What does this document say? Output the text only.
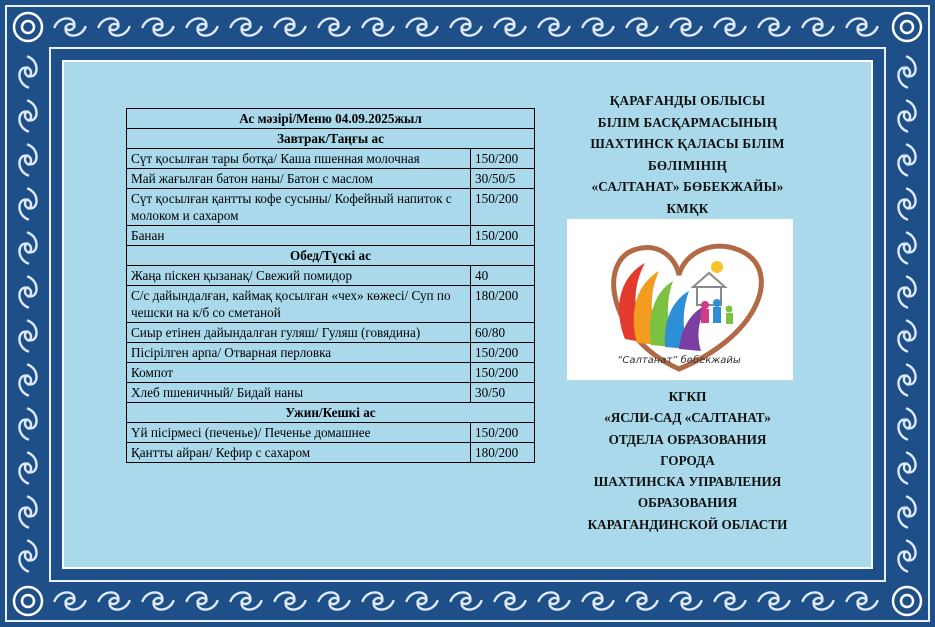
Ас мәзірі/Меню 04.09.2025жыл	
Завтрак/Таңғы ас	
Сүт қосылған тары ботқа/ Каша пшенная молочная	150/200
Май жағылған батон наны/ Батон с маслом	30/50/5
Сүт қосылған қантты кофе сусыны/ Кофейный напиток с молоком и сахаром	150/200
Банан	150/200
Обед/Түскі ас	
Жаңа піскен қызанақ/ Свежий помидор	40
С/с дайындалған, каймақ қосылған «чех» көжесі/ Суп по чешски на к/б со сметаной	180/200
Сиыр етінен дайындалған гуляш/ Гуляш (говядина)	60/80
Пісірілген арпа/ Отварная перловка	150/200
Компот	150/200
Хлеб пшеничный/ Бидай наны	30/50
Ужин/Кешкі ас	
Үй пісірмесі (печенье)/ Печенье домашнее	150/200
Қантты айран/ Кефир с сахаром	180/200
ҚАРАҒАНДЫ ОБЛЫСЫ
БІЛІМ БАСҚАРМАСЫНЫҢ
ШАХТИНСК ҚАЛАСЫ БІЛІМ
БӨЛІМІНІҢ
«САЛТАНАТ» БӨБЕКЖАЙЫ»
КМҚК
“Салтанат” бөбекжайы
КГКП
«ЯСЛИ-САД «САЛТАНАТ»
ОТДЕЛА ОБРАЗОВАНИЯ
ГОРОДА
ШАХТИНСКА УПРАВЛЕНИЯ
ОБРАЗОВАНИЯ
КАРАГАНДИНСКОЙ ОБЛАСТИ
